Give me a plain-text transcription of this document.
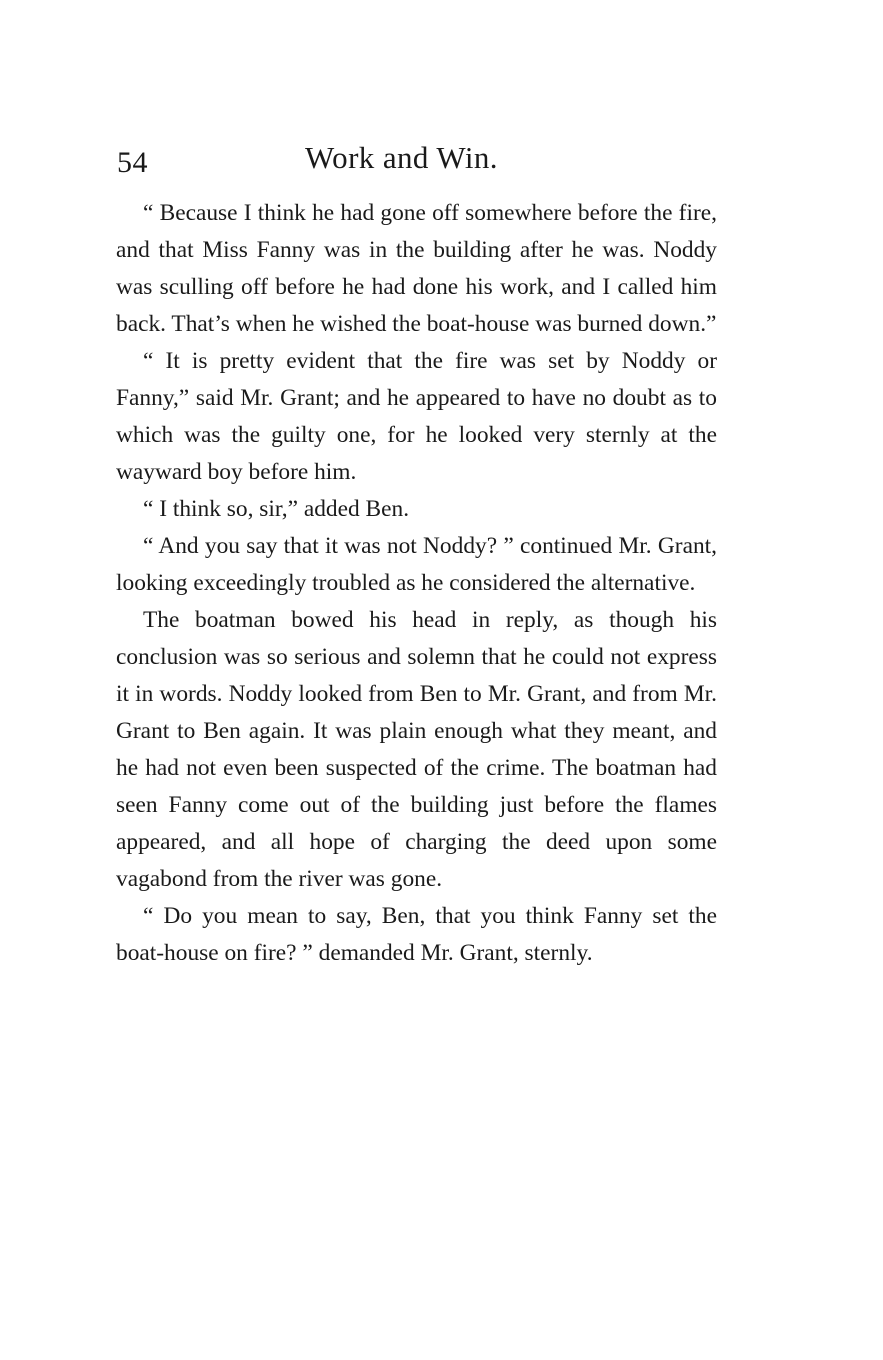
54	Work and Win.

“ Because I think he had gone off somewhere before the fire, and that Miss Fanny was in the building after he was. Noddy was sculling off before he had done his work, and I called him back. That’s when he wished the boat-house was burned down.”

“ It is pretty evident that the fire was set by Noddy or Fanny,” said Mr. Grant; and he appeared to have no doubt as to which was the guilty one, for he looked very sternly at the wayward boy before him.

“ I think so, sir,” added Ben.

“ And you say that it was not Noddy? ” continued Mr. Grant, looking exceedingly troubled as he considered the alternative.

The boatman bowed his head in reply, as though his conclusion was so serious and solemn that he could not express it in words. Noddy looked from Ben to Mr. Grant, and from Mr. Grant to Ben again. It was plain enough what they meant, and he had not even been suspected of the crime. The boatman had seen Fanny come out of the building just before the flames appeared, and all hope of charging the deed upon some vagabond from the river was gone.

“ Do you mean to say, Ben, that you think Fanny set the boat-house on fire? ” demanded Mr. Grant, sternly.
